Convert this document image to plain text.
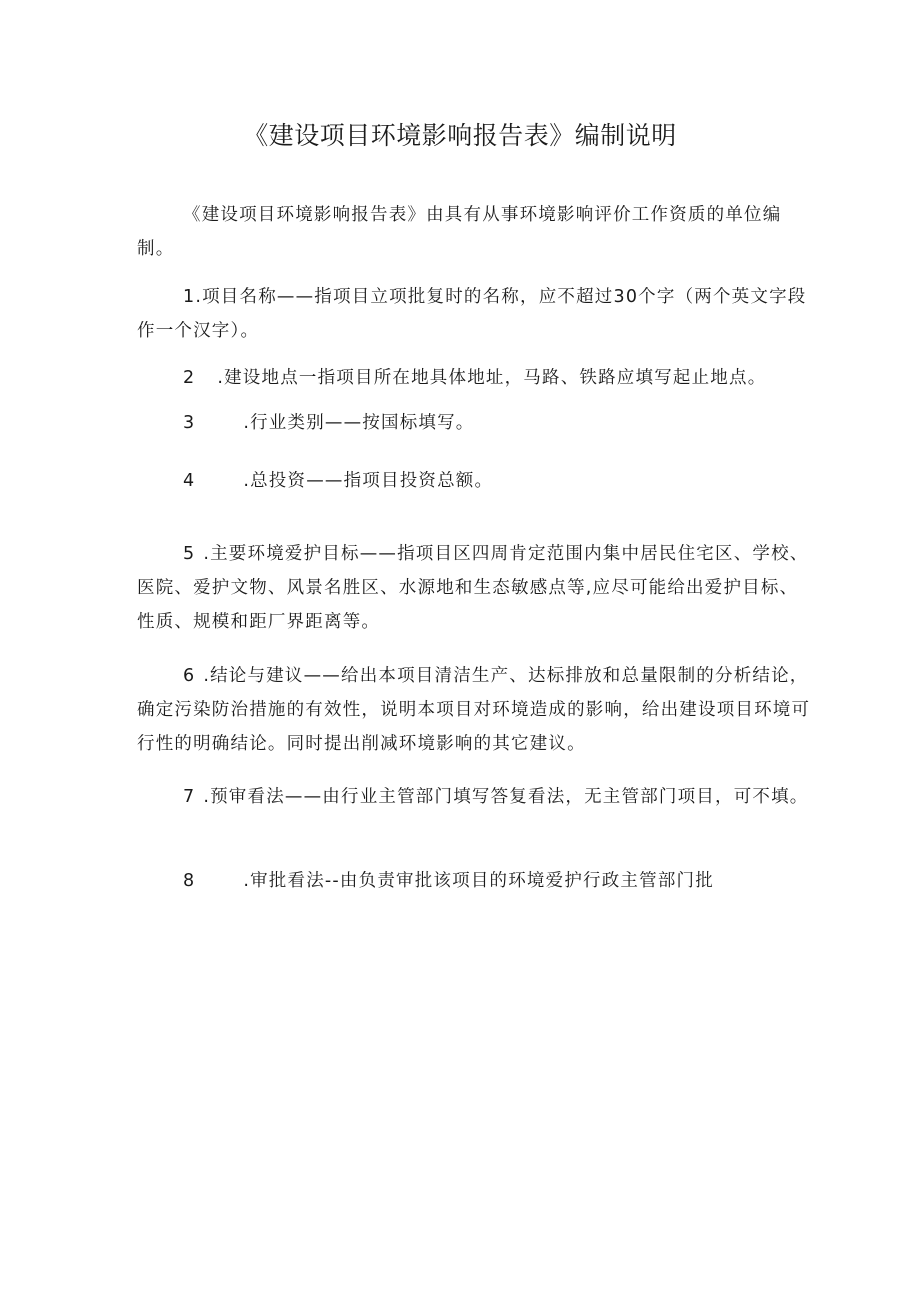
《建设项目环境影响报告表》编制说明
《建设项目环境影响报告表》由具有从事环境影响评价工作资质的单位编制。
1.项目名称——指项目立项批复时的名称，应不超过30个字（两个英文字段作一个汉字）。
2 .建设地点一指项目所在地具体地址，马路、铁路应填写起止地点。
3	.行业类别——按国标填写。
4	.总投资——指项目投资总额。
5 .主要环境爱护目标——指项目区四周肯定范围内集中居民住宅区、学校、医院、爱护文物、风景名胜区、水源地和生态敏感点等,应尽可能给出爱护目标、性质、规模和距厂界距离等。
6 .结论与建议——给出本项目清洁生产、达标排放和总量限制的分析结论，确定污染防治措施的有效性，说明本项目对环境造成的影响，给出建设项目环境可行性的明确结论。同时提出削减环境影响的其它建议。
7 .预审看法——由行业主管部门填写答复看法，无主管部门项目，可不填。
8	.审批看法--由负责审批该项目的环境爱护行政主管部门批
